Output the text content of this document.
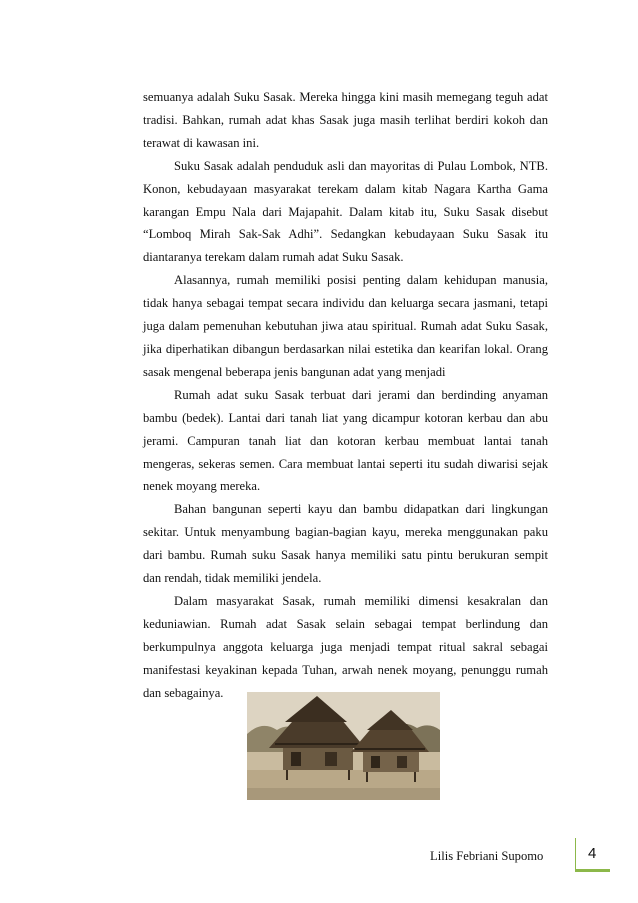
semuanya adalah Suku Sasak. Mereka hingga kini masih memegang teguh adat tradisi. Bahkan, rumah adat khas Sasak juga masih terlihat berdiri kokoh dan terawat di kawasan ini.

Suku Sasak adalah penduduk asli dan mayoritas di Pulau Lombok, NTB. Konon, kebudayaan masyarakat terekam dalam kitab Nagara Kartha Gama karangan Empu Nala dari Majapahit. Dalam kitab itu, Suku Sasak disebut “Lomboq Mirah Sak-Sak Adhi”. Sedangkan kebudayaan Suku Sasak itu diantaranya terekam dalam rumah adat Suku Sasak.

Alasannya, rumah memiliki posisi penting dalam kehidupan manusia, tidak hanya sebagai tempat secara individu dan keluarga secara jasmani, tetapi juga dalam pemenuhan kebutuhan jiwa atau spiritual. Rumah adat Suku Sasak, jika diperhatikan dibangun berdasarkan nilai estetika dan kearifan lokal. Orang sasak mengenal beberapa jenis bangunan adat yang menjadi

Rumah adat suku Sasak terbuat dari jerami dan berdinding anyaman bambu (bedek). Lantai dari tanah liat yang dicampur kotoran kerbau dan abu jerami. Campuran tanah liat dan kotoran kerbau membuat lantai tanah mengeras, sekeras semen. Cara membuat lantai seperti itu sudah diwarisi sejak nenek moyang mereka.

Bahan bangunan seperti kayu dan bambu didapatkan dari lingkungan sekitar. Untuk menyambung bagian-bagian kayu, mereka menggunakan paku dari bambu. Rumah suku Sasak hanya memiliki satu pintu berukuran sempit dan rendah, tidak memiliki jendela.

Dalam masyarakat Sasak, rumah memiliki dimensi kesakralan dan keduniawian. Rumah adat Sasak selain sebagai tempat berlindung dan berkumpulnya anggota keluarga juga menjadi tempat ritual sakral sebagai manifestasi keyakinan kepada Tuhan, arwah nenek moyang, penunggu rumah dan sebagainya.

Lilis Febriani Supomo	4
